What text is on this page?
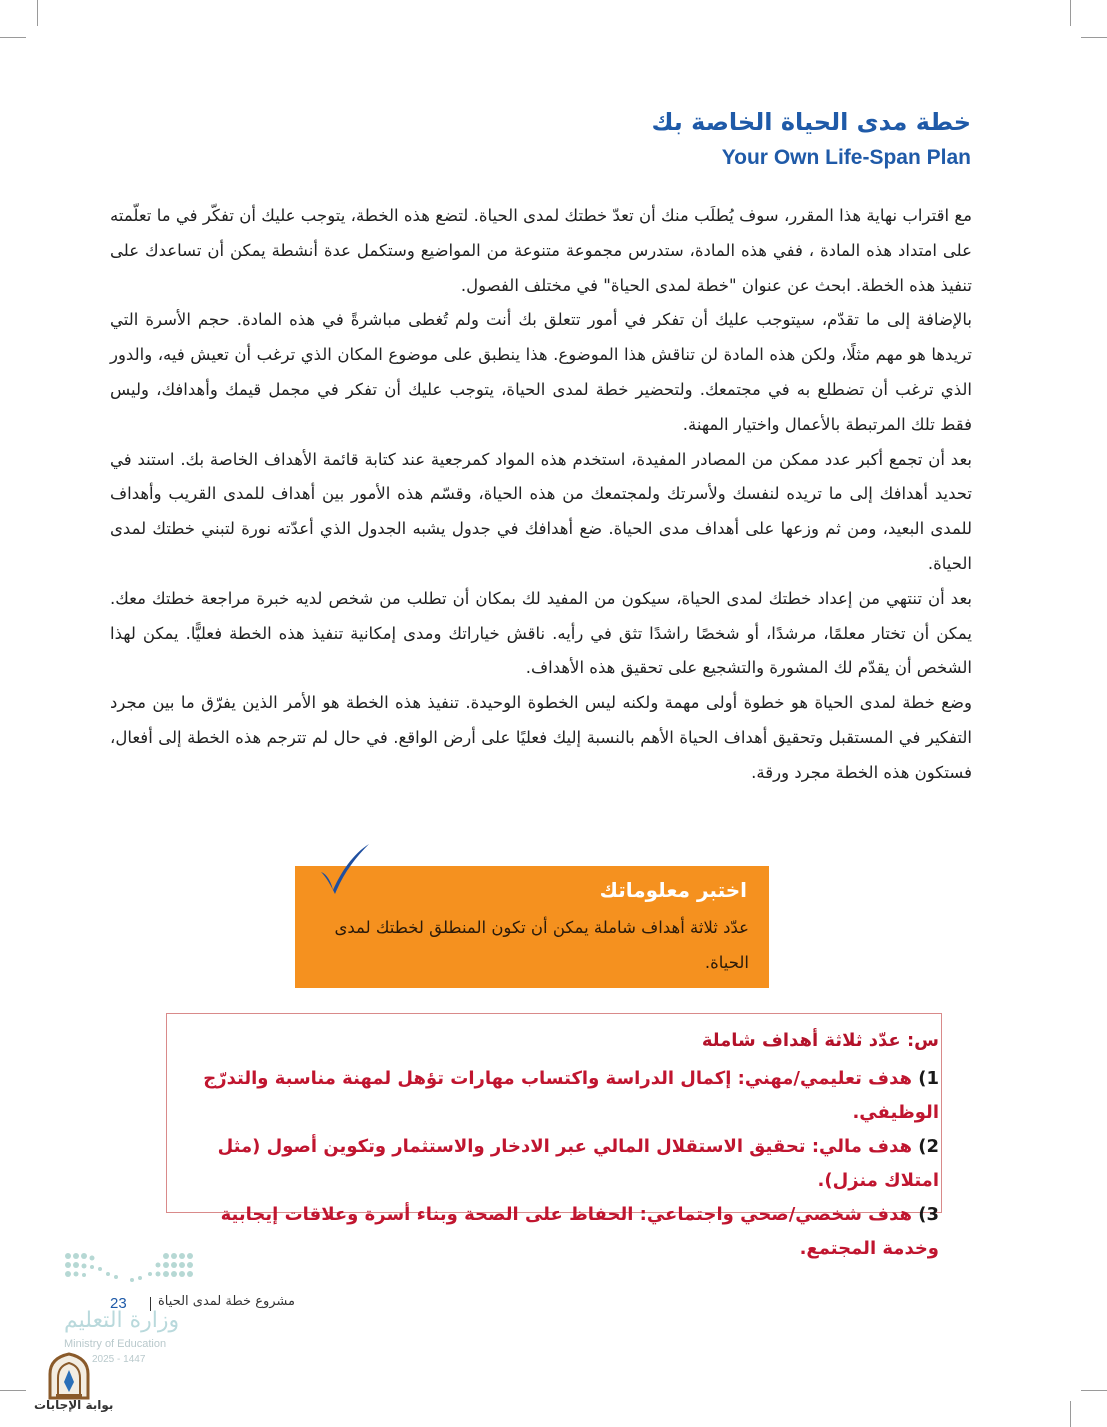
خطة مدى الحياة الخاصة بك
Your Own Life-Span Plan

مع اقتراب نهاية هذا المقرر، سوف يُطلَب منك أن تعدّ خطتك لمدى الحياة. لتضع هذه الخطة، يتوجب عليك أن تفكّر في ما تعلّمته على امتداد هذه المادة ، ففي هذه المادة، ستدرس مجموعة متنوعة من المواضيع وستكمل عدة أنشطة يمكن أن تساعدك على تنفيذ هذه الخطة. ابحث عن عنوان "خطة لمدى الحياة" في مختلف الفصول.

بالإضافة إلى ما تقدّم، سيتوجب عليك أن تفكر في أمور تتعلق بك أنت ولم تُغطى مباشرةً في هذه المادة. حجم الأسرة التي تريدها هو مهم مثلًا، ولكن هذه المادة لن تناقش هذا الموضوع. هذا ينطبق على موضوع المكان الذي ترغب أن تعيش فيه، والدور الذي ترغب أن تضطلع به في مجتمعك. ولتحضير خطة لمدى الحياة، يتوجب عليك أن تفكر في مجمل قيمك وأهدافك، وليس فقط تلك المرتبطة بالأعمال واختيار المهنة.

بعد أن تجمع أكبر عدد ممكن من المصادر المفيدة، استخدم هذه المواد كمرجعية عند كتابة قائمة الأهداف الخاصة بك. استند في تحديد أهدافك إلى ما تريده لنفسك ولأسرتك ولمجتمعك من هذه الحياة، وقسّم هذه الأمور بين أهداف للمدى القريب وأهداف للمدى البعيد، ومن ثم وزعها على أهداف مدى الحياة. ضع أهدافك في جدول يشبه الجدول الذي أعدّته نورة لتبني خطتك لمدى الحياة.

بعد أن تنتهي من إعداد خطتك لمدى الحياة، سيكون من المفيد لك بمكان أن تطلب من شخص لديه خبرة مراجعة خطتك معك. يمكن أن تختار معلمًا، مرشدًا، أو شخصًا راشدًا تثق في رأيه. ناقش خياراتك ومدى إمكانية تنفيذ هذه الخطة فعليًّا. يمكن لهذا الشخص أن يقدّم لك المشورة والتشجيع على تحقيق هذه الأهداف.

وضع خطة لمدى الحياة هو خطوة أولى مهمة ولكنه ليس الخطوة الوحيدة. تنفيذ هذه الخطة هو الأمر الذين يفرّق ما بين مجرد التفكير في المستقبل وتحقيق أهداف الحياة الأهم بالنسبة إليك فعليًا على أرض الواقع. في حال لم تترجم هذه الخطة إلى أفعال، فستكون هذه الخطة مجرد ورقة.

اختبر معلوماتك
عدّد ثلاثة أهداف شاملة يمكن أن تكون المنطلق لخطتك لمدى الحياة.
س: عدّد ثلاثة أهداف شاملة
1) هدف تعليمي/مهني: إكمال الدراسة واكتساب مهارات تؤهل لمهنة مناسبة والتدرّج الوظيفي.
2) هدف مالي: تحقيق الاستقلال المالي عبر الادخار والاستثمار وتكوين أصول (مثل امتلاك منزل).
3) هدف شخصي/صحي واجتماعي: الحفاظ على الصحة وبناء أسرة وعلاقات إيجابية وخدمة المجتمع.
23 مشروع خطة لمدى الحياة
وزارة التعليم
Ministry of Education
2025 - 1447
بوابة الإجابات
